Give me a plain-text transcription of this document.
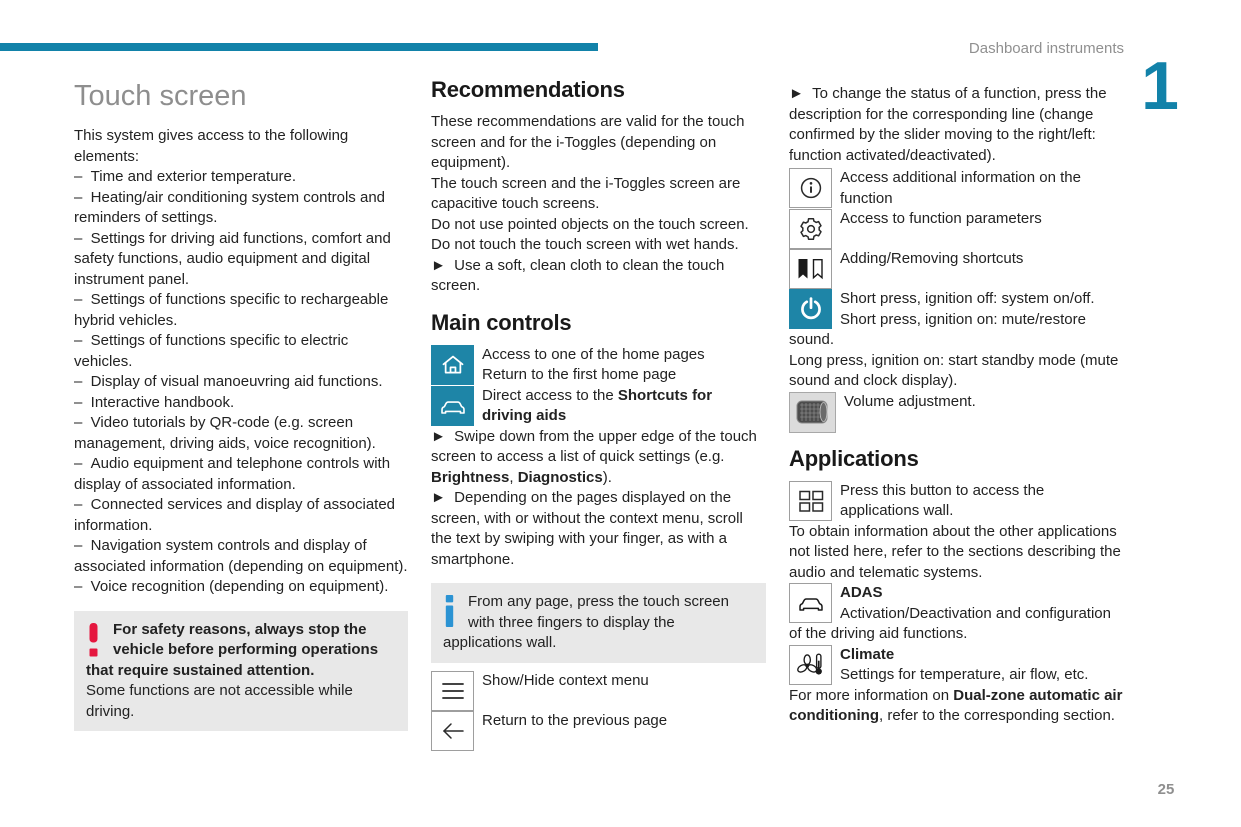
Dashboard instruments 1
25
Touch screen

This system gives access to the following elements:

–  Time and exterior temperature.

–  Heating/air conditioning system controls and reminders of settings.

–  Settings for driving aid functions, comfort and safety functions, audio equipment and digital instrument panel.

–  Settings of functions specific to rechargeable hybrid vehicles.

–  Settings of functions specific to electric vehicles.

–  Display of visual manoeuvring aid functions.

–  Interactive handbook.

–  Video tutorials by QR-code (e.g. screen management, driving aids, voice recognition).

–  Audio equipment and telephone controls with display of associated information.

–  Connected services and display of associated information.

–  Navigation system controls and display of associated information (depending on equipment).

–  Voice recognition (depending on equipment).

For safety reasons, always stop the vehicle before performing operations that require sustained attention.
Some functions are not accessible while driving.
Recommendations

These recommendations are valid for the touch screen and for the i-Toggles (depending on equipment).

The touch screen and the i-Toggles screen are capacitive touch screens.

Do not use pointed objects on the touch screen.

Do not touch the touch screen with wet hands.

►  Use a soft, clean cloth to clean the touch screen.

Main controls
Access to one of the home pages
Return to the first home page
Direct access to the Shortcuts for driving aids

►  Swipe down from the upper edge of the touch screen to access a list of quick settings (e.g. Brightness, Diagnostics).

►  Depending on the pages displayed on the screen, with or without the context menu, scroll the text by swiping with your finger, as with a smartphone.

From any page, press the touch screen with three fingers to display the applications wall.
Show/Hide context menu
Return to the previous page

►  To change the status of a function, press the description for the corresponding line (change confirmed by the slider moving to the right/left: function activated/deactivated).

Access additional information on the function
Access to function parameters
Adding/Removing shortcuts
Short press, ignition off: system on/off.
Short press, ignition on: mute/restore sound.

Long press, ignition on: start standby mode (mute sound and clock display).

Volume adjustment.
Applications
Press this button to access the applications wall.

To obtain information about the other applications not listed here, refer to the sections describing the audio and telematic systems.

ADAS
Activation/Deactivation and configuration of the driving aid functions.
Climate
Settings for temperature, air flow, etc.

For more information on Dual-zone automatic air conditioning, refer to the corresponding section.
